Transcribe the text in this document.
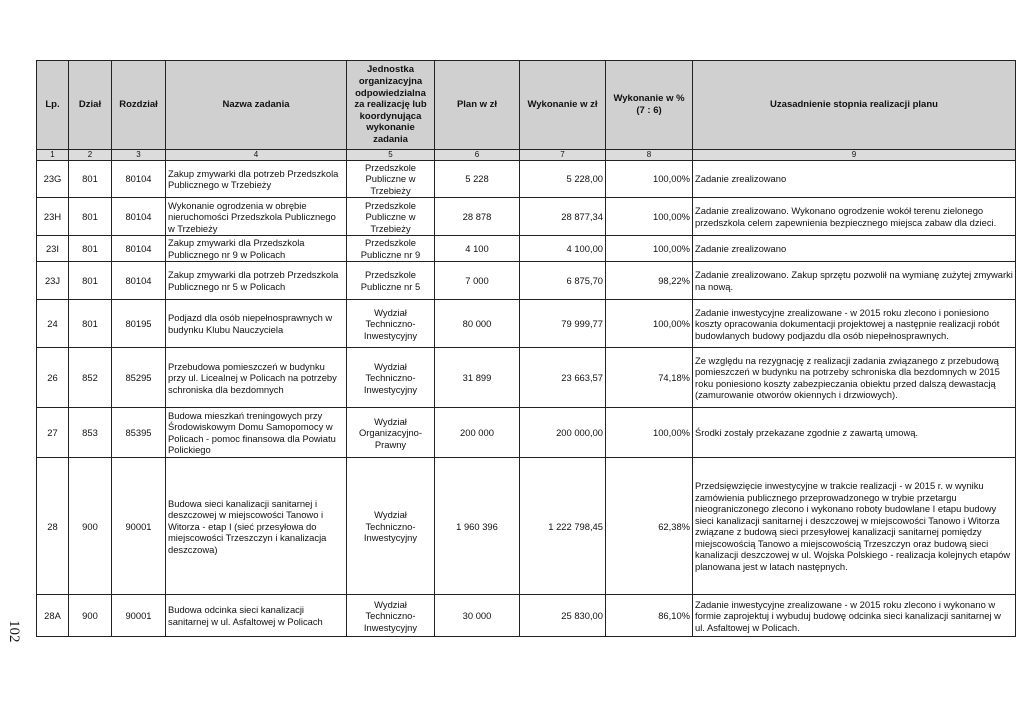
Lp.	Dział	Rozdział	Nazwa zadania	Jednostka organizacyjna odpowiedzialna za realizację lub koordynująca wykonanie zadania	Plan w zł	Wykonanie w zł	Wykonanie w % (7 : 6)	Uzasadnienie stopnia realizacji planu
1	2	3	4	5	6	7	8	9
23G	801	80104	Zakup zmywarki dla potrzeb Przedszkola Publicznego w Trzebieży	Przedszkole Publiczne w Trzebieży	5 228	5 228,00	100,00%	Zadanie zrealizowano
23H	801	80104	Wykonanie ogrodzenia w obrębie nieruchomości Przedszkola Publicznego w Trzebieży	Przedszkole Publiczne w Trzebieży	28 878	28 877,34	100,00%	Zadanie zrealizowano. Wykonano ogrodzenie wokół terenu zielonego przedszkola celem zapewnienia bezpiecznego miejsca zabaw dla dzieci.
23I	801	80104	Zakup zmywarki dla Przedszkola Publicznego nr 9 w Policach	Przedszkole Publiczne nr 9	4 100	4 100,00	100,00%	Zadanie zrealizowano
23J	801	80104	Zakup zmywarki dla potrzeb Przedszkola Publicznego nr 5 w Policach	Przedszkole Publiczne nr 5	7 000	6 875,70	98,22%	Zadanie zrealizowano. Zakup sprzętu pozwolił na wymianę zużytej zmywarki na nową.
24	801	80195	Podjazd dla osób niepełnosprawnych w budynku Klubu Nauczyciela	Wydział Techniczno-Inwestycyjny	80 000	79 999,77	100,00%	Zadanie inwestycyjne zrealizowane - w 2015 roku zlecono i poniesiono koszty opracowania dokumentacji projektowej a następnie realizacji robót budowlanych budowy podjazdu dla osób niepełnosprawnych.
26	852	85295	Przebudowa pomieszczeń w budynku przy ul. Licealnej w Policach na potrzeby schroniska dla bezdomnych	Wydział Techniczno-Inwestycyjny	31 899	23 663,57	74,18%	Ze względu na rezygnację z realizacji zadania związanego z przebudową pomieszczeń w budynku na potrzeby schroniska dla bezdomnych w 2015 roku poniesiono koszty zabezpieczania obiektu przed dalszą dewastacją (zamurowanie otworów okiennych i drzwiowych).
27	853	85395	Budowa mieszkań treningowych przy Środowiskowym Domu Samopomocy w Policach - pomoc finansowa dla Powiatu Polickiego	Wydział Organizacyjno-Prawny	200 000	200 000,00	100,00%	Środki zostały przekazane zgodnie z zawartą umową.
28	900	90001	Budowa sieci kanalizacji sanitarnej i deszczowej w miejscowości Tanowo i Witorza - etap I (sieć przesyłowa do miejscowości Trzeszczyn i kanalizacja deszczowa)	Wydział Techniczno-Inwestycyjny	1 960 396	1 222 798,45	62,38%	Przedsięwzięcie inwestycyjne w trakcie realizacji - w 2015 r. w wyniku zamówienia publicznego przeprowadzonego w trybie przetargu nieograniczonego zlecono i wykonano roboty budowlane I etapu budowy sieci kanalizacji sanitarnej i deszczowej w miejscowości Tanowo i Witorza związane z budową sieci przesyłowej kanalizacji sanitarnej pomiędzy miejscowością Tanowo a miejscowością Trzeszczyn oraz budową sieci kanalizacji deszczowej w ul. Wojska Polskiego - realizacja kolejnych etapów planowana jest w latach następnych.
28A	900	90001	Budowa odcinka sieci kanalizacji sanitarnej w ul. Asfaltowej w Policach	Wydział Techniczno-Inwestycyjny	30 000	25 830,00	86,10%	Zadanie inwestycyjne zrealizowane - w 2015 roku zlecono i wykonano w formie zaprojektuj i wybuduj budowę odcinka sieci kanalizacji sanitarnej w ul. Asfaltowej w Policach.
102
